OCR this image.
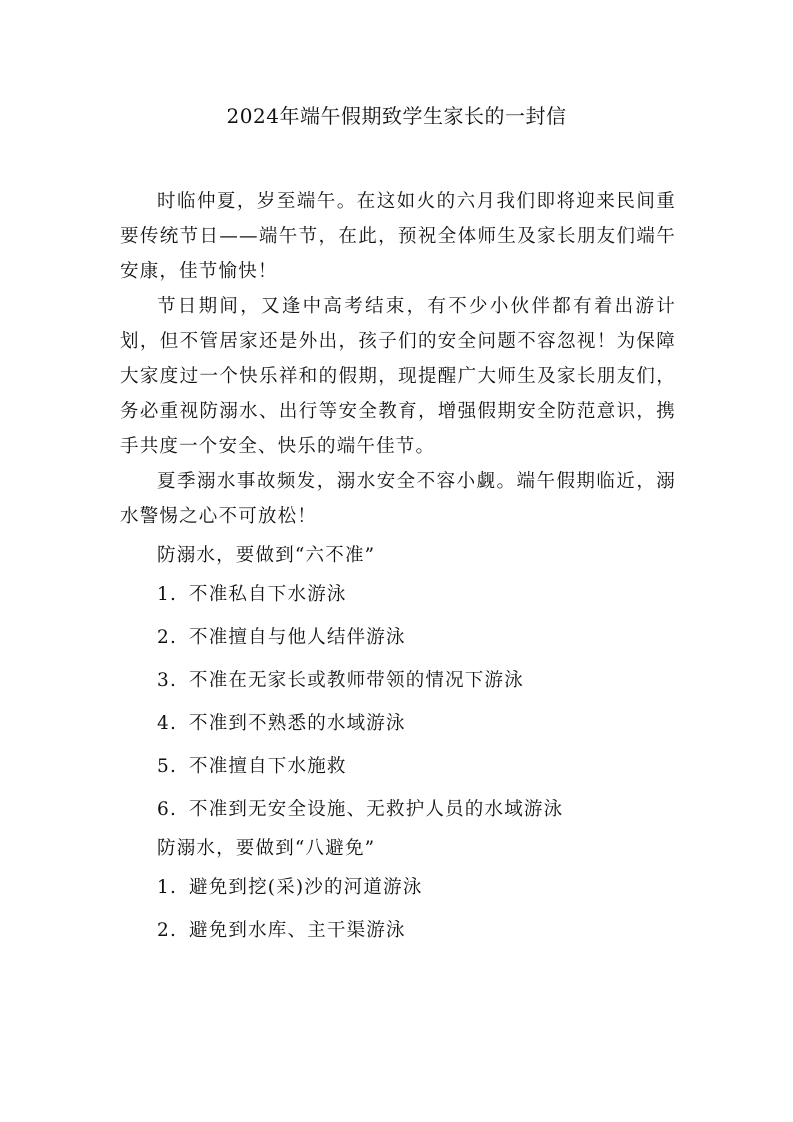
2024年端午假期致学生家长的一封信

时临仲夏，岁至端午。在这如火的六月我们即将迎来民间重要传统节日——端午节，在此，预祝全体师生及家长朋友们端午安康，佳节愉快！

节日期间，又逢中高考结束，有不少小伙伴都有着出游计划，但不管居家还是外出，孩子们的安全问题不容忽视！为保障大家度过一个快乐祥和的假期，现提醒广大师生及家长朋友们，务必重视防溺水、出行等安全教育，增强假期安全防范意识，携手共度一个安全、快乐的端午佳节。

夏季溺水事故频发，溺水安全不容小觑。端午假期临近，溺水警惕之心不可放松！

防溺水，要做到“六不准”

1. 不准私自下水游泳

2. 不准擅自与他人结伴游泳

3. 不准在无家长或教师带领的情况下游泳

4. 不准到不熟悉的水域游泳

5. 不准擅自下水施救

6. 不准到无安全设施、无救护人员的水域游泳

防溺水，要做到“八避免”

1. 避免到挖(采)沙的河道游泳

2. 避免到水库、主干渠游泳
